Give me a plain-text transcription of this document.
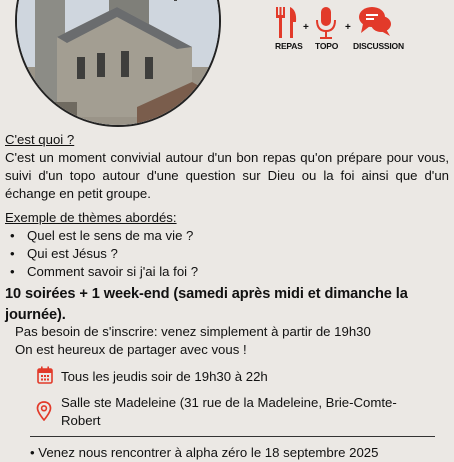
+	+
REPAS TOPO DISCUSSION
C'est quoi ?
C'est un moment convivial autour d'un bon repas qu'on prépare pour vous, suivi d'un topo autour d'une question sur Dieu ou la foi ainsi que d'un échange en petit groupe.
Exemple de thèmes abordés:
• Quel est le sens de ma vie ?
• Qui est Jésus ?
• Comment savoir si j'ai la foi ?
10 soirées + 1 week-end (samedi après midi et dimanche la journée).
Pas besoin de s'inscrire: venez simplement à partir de 19h30
On est heureux de partager avec vous !
Tous les jeudis soir de 19h30 à 22h
Salle ste Madeleine (31 rue de la Madeleine, Brie-Comte-Robert
• Venez nous rencontrer à alpha zéro le 18 septembre 2025
